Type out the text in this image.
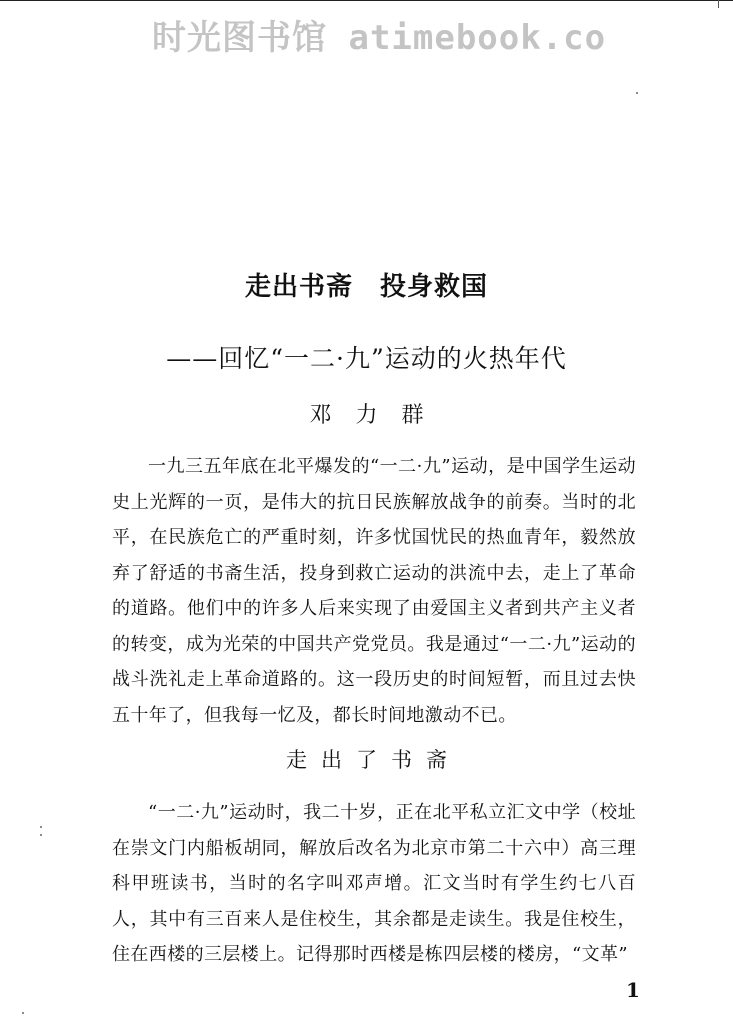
时光图书馆 atimebook.co
走出书斋　投身救国
——回忆“一二·九”运动的火热年代
邓力群

一九三五年底在北平爆发的“一二·九”运动，是中国学生运动史上光辉的一页，是伟大的抗日民族解放战争的前奏。当时的北平，在民族危亡的严重时刻，许多忧国忧民的热血青年，毅然放弃了舒适的书斋生活，投身到救亡运动的洪流中去，走上了革命的道路。他们中的许多人后来实现了由爱国主义者到共产主义者的转变，成为光荣的中国共产党党员。我是通过“一二·九”运动的战斗洗礼走上革命道路的。这一段历史的时间短暂，而且过去快五十年了，但我每一忆及，都长时间地激动不已。

走出了书斋

“一二·九”运动时，我二十岁，正在北平私立汇文中学（校址在崇文门内船板胡同，解放后改名为北京市第二十六中）高三理科甲班读书，当时的名字叫邓声增。汇文当时有学生约七八百人，其中有三百来人是住校生，其余都是走读生。我是住校生，住在西楼的三层楼上。记得那时西楼是栋四层楼的楼房，“文革”

1
